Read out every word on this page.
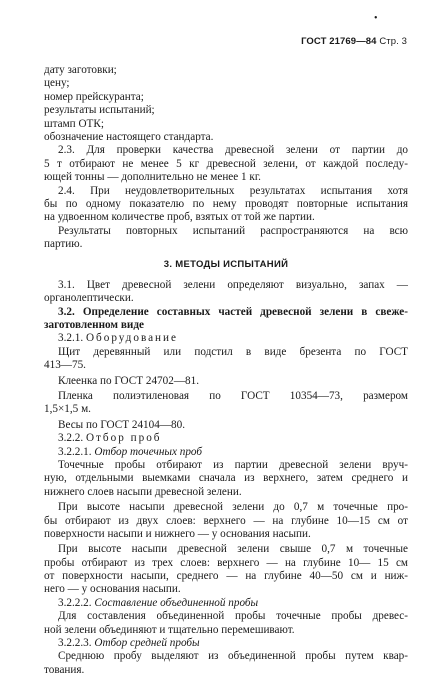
•
ГОСТ 21769—84 Стр. 3
дату заготовки;
цену;
номер прейскуранта;
результаты испытаний;
штамп ОТК;
обозначение настоящего стандарта.
2.3. Для проверки качества древесной зелени от партии до
5 т отбирают не менее 5 кг древесной зелени, от каждой последу-
ющей тонны — дополнительно не менее 1 кг.
2.4. При неудовлетворительных результатах испытания хотя
бы по одному показателю по нему проводят повторные испытания
на удвоенном количестве проб, взятых от той же партии.
Результаты повторных испытаний распространяются на всю
партию.
3. МЕТОДЫ ИСПЫТАНИЙ
3.1. Цвет древесной зелени определяют визуально, запах —
органолептически.
3.2. Определение составных частей древесной зелени в свеже-
заготовленном виде
3.2.1. Оборудование
Щит деревянный или подстил в виде брезента по ГОСТ
413—75.
Клеенка по ГОСТ 24702—81.
Пленка полиэтиленовая по ГОСТ 10354—73, размером
1,5×1,5 м.
Весы по ГОСТ 24104—80.
3.2.2. Отбор проб
3.2.2.1. Отбор точечных проб
Точечные пробы отбирают из партии древесной зелени вруч-
ную, отдельными выемками сначала из верхнего, затем среднего и
нижнего слоев насыпи древесной зелени.
При высоте насыпи древесной зелени до 0,7 м точечные про-
бы отбирают из двух слоев: верхнего — на глубине 10—15 см от
поверхности насыпи и нижнего — у основания насыпи.
При высоте насыпи древесной зелени свыше 0,7 м точечные
пробы отбирают из трех слоев: верхнего — на глубине 10— 15 см
от поверхности насыпи, среднего — на глубине 40—50 см и ниж-
него — у основания насыпи.
3.2.2.2. Составление объединенной пробы
Для составления объединенной пробы точечные пробы древес-
ной зелени объединяют и тщательно перемешивают.
3.2.2.3. Отбор средней пробы
Среднюю пробу выделяют из объединенной пробы путем квар-
тования.
